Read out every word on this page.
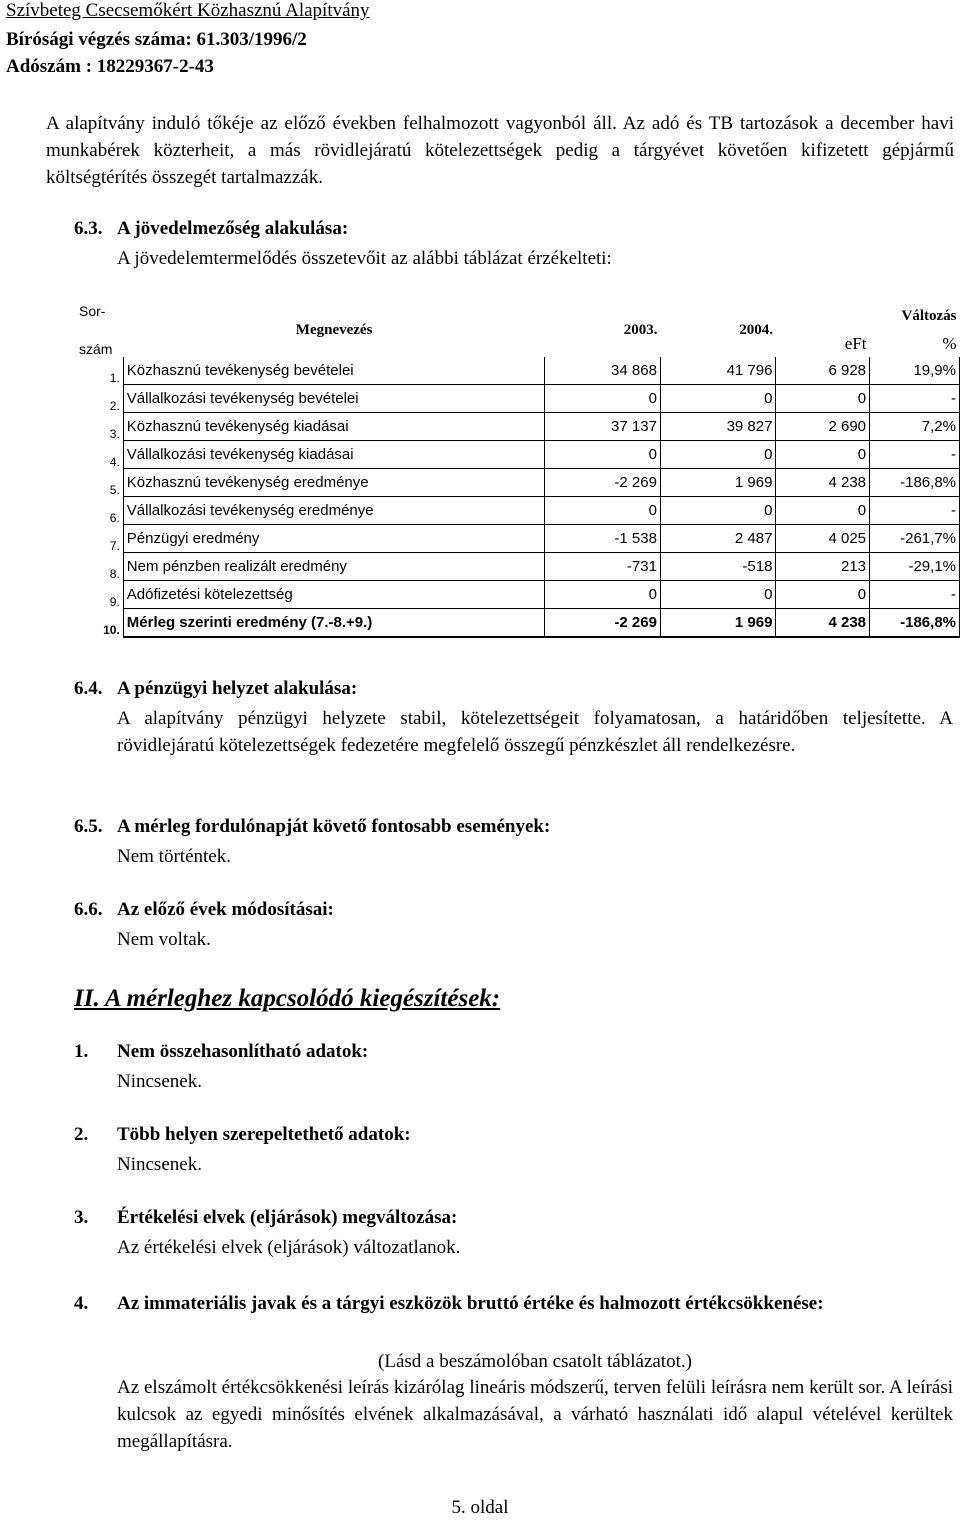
Szívbeteg Csecsemőkért Közhasznú Alapítvány
Bírósági végzés száma: 61.303/1996/2
Adószám : 18229367-2-43
A alapítvány induló tőkéje az előző években felhalmozott vagyonból áll. Az adó és TB tartozások a december havi munkabérek közterheit, a más rövidlejáratú kötelezettségek pedig a tárgyévet követően kifizetett gépjármű költségtérítés összegét tartalmazzák.
6.3. A jövedelmezőség alakulása:
A jövedelemtermelődés összetevőit az alábbi táblázat érzékelteti:
Sor-	Megnevezés	2003.	2004.	Változás	
szám				eFt	%
1.	Közhasznú tevékenység bevételei	34 868	41 796	6 928	19,9%
2.	Vállalkozási tevékenység bevételei	0	0	0	-
3.	Közhasznú tevékenység kiadásai	37 137	39 827	2 690	7,2%
4.	Vállalkozási tevékenység kiadásai	0	0	0	-
5.	Közhasznú tevékenység eredménye	-2 269	1 969	4 238	-186,8%
6.	Vállalkozási tevékenység eredménye	0	0	0	-
7.	Pénzügyi eredmény	-1 538	2 487	4 025	-261,7%
8.	Nem pénzben realizált eredmény	-731	-518	213	-29,1%
9.	Adófizetési kötelezettség	0	0	0	-
10.	Mérleg szerinti eredmény (7.-8.+9.)	-2 269	1 969	4 238	-186,8%
6.4. A pénzügyi helyzet alakulása:
A alapítvány pénzügyi helyzete stabil, kötelezettségeit folyamatosan, a határidőben teljesítette. A rövidlejáratú kötelezettségek fedezetére megfelelő összegű pénzkészlet áll rendelkezésre.
6.5. A mérleg fordulónapját követő fontosabb események:
Nem történtek.
6.6. Az előző évek módosításai:
Nem voltak.
II. A mérleghez kapcsolódó kiegészítések:
1. Nem összehasonlítható adatok:
Nincsenek.
2. Több helyen szerepeltethető adatok:
Nincsenek.
3. Értékelési elvek (eljárások) megváltozása:
Az értékelési elvek (eljárások) változatlanok.
4.	Az immateriális javak és a tárgyi eszközök bruttó értéke és halmozott értékcsökkenése:
(Lásd a beszámolóban csatolt táblázatot.)
Az elszámolt értékcsökkenési leírás kizárólag lineáris módszerű, terven felüli leírásra nem került sor. A leírási kulcsok az egyedi minősítés elvének alkalmazásával, a várható használati idő alapul vételével kerültek megállapításra.
5. oldal
